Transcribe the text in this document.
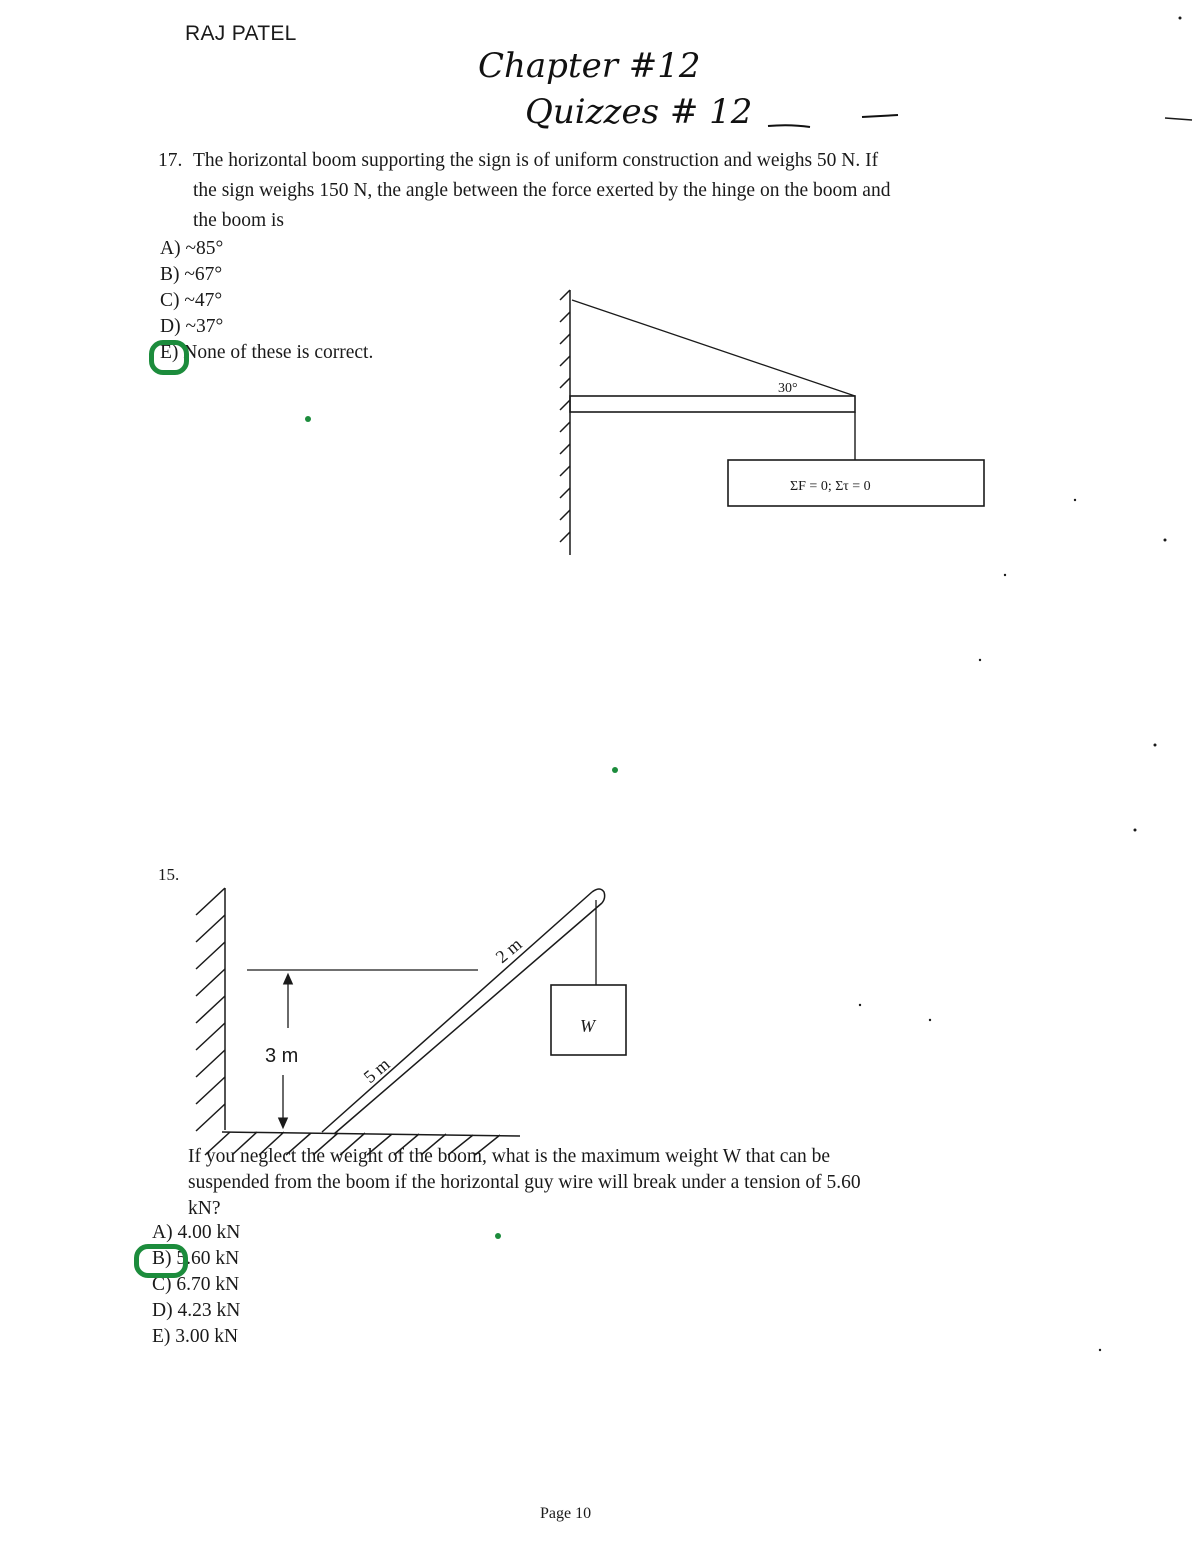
RAJ PATEL
Chapter #12
Quizzes # 12
17. The horizontal boom supporting the sign is of uniform construction and weighs 50 N. If
the sign weighs 150 N, the angle between the force exerted by the hinge on the boom and
the boom is
A) ~85°
B) ~67°
C) ~47°
D) ~37°
E) None of these is correct.
15.
If you neglect the weight of the boom, what is the maximum weight W that can be
suspended from the boom if the horizontal guy wire will break under a tension of 5.60
kN?
A) 4.00 kN
B) 5.60 kN
C) 6.70 kN
D) 4.23 kN
E) 3.00 kN
30°
ΣF = 0; Στ = 0
3 m	5 m
2 m
W
Page 10
